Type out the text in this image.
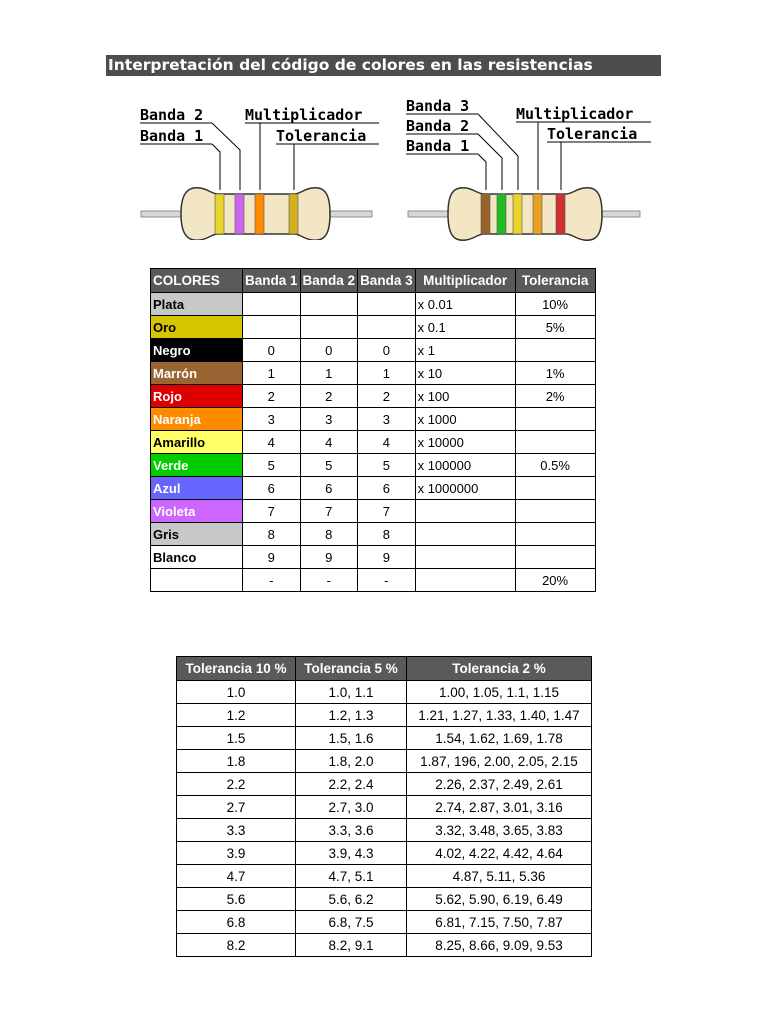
Interpretación del código de colores en las resistencias
Banda 2
Banda 1
Multiplicador
Tolerancia
Banda 3
Banda 2
Banda 1
Multiplicador
Tolerancia
COLORES	Banda 1	Banda 2	Banda 3	Multiplicador	Tolerancia
Plata				x 0.01	10%
Oro				x 0.1	5%
Negro	0	0	0	x 1	
Marrón	1	1	1	x 10	1%
Rojo	2	2	2	x 100	2%
Naranja	3	3	3	x 1000	
Amarillo	4	4	4	x 10000	
Verde	5	5	5	x 100000	0.5%
Azul	6	6	6	x 1000000	
Violeta	7	7	7		
Gris	8	8	8		
Blanco	9	9	9		
	-	-	-		20%
Tolerancia 10 %	Tolerancia 5 %	Tolerancia 2 %
1.0	1.0, 1.1	1.00, 1.05, 1.1, 1.15
1.2	1.2, 1.3	1.21, 1.27, 1.33, 1.40, 1.47
1.5	1.5, 1.6	1.54, 1.62, 1.69, 1.78
1.8	1.8, 2.0	1.87, 196, 2.00, 2.05, 2.15
2.2	2.2, 2.4	2.26, 2.37, 2.49, 2.61
2.7	2.7, 3.0	2.74, 2.87, 3.01, 3.16
3.3	3.3, 3.6	3.32, 3.48, 3.65, 3.83
3.9	3.9, 4.3	4.02, 4.22, 4.42, 4.64
4.7	4.7, 5.1	4.87, 5.11, 5.36
5.6	5.6, 6.2	5.62, 5.90, 6.19, 6.49
6.8	6.8, 7.5	6.81, 7.15, 7.50, 7.87
8.2	8.2, 9.1	8.25, 8.66, 9.09, 9.53
